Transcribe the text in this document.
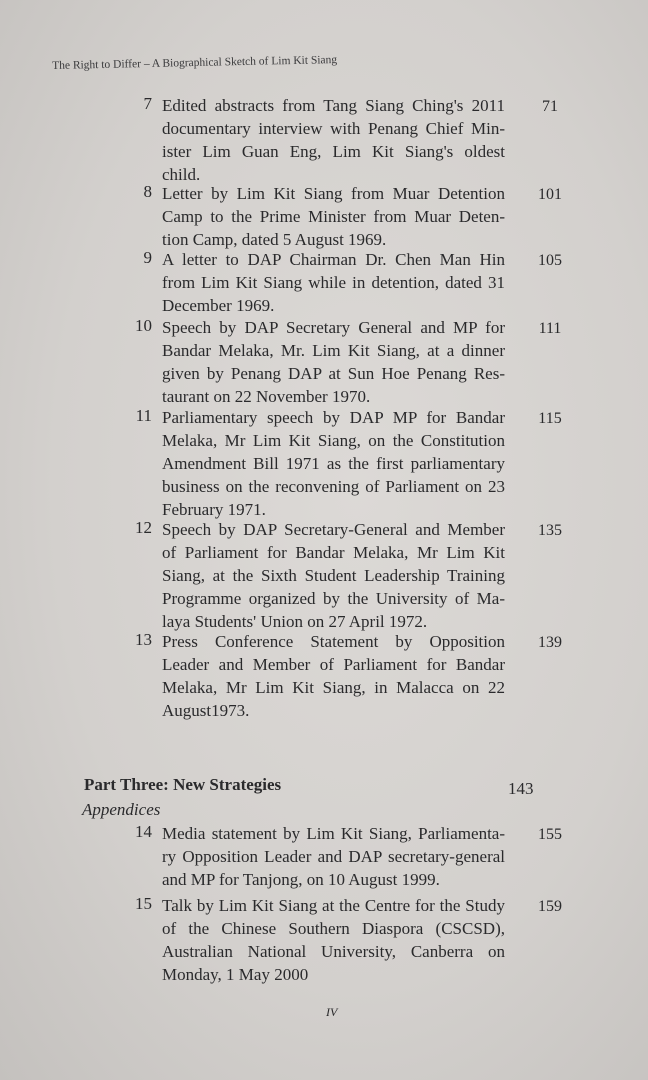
The Right to Differ – A Biographical Sketch of Lim Kit Siang
7 Edited abstracts from Tang Siang Ching's 2011
documentary interview with Penang Chief Min-
ister Lim Guan Eng, Lim Kit Siang's oldest
child.
71
8 Letter by Lim Kit Siang from Muar Detention
Camp to the Prime Minister from Muar Deten-
tion Camp, dated 5 August 1969.
101
9 A letter to DAP Chairman Dr. Chen Man Hin
from Lim Kit Siang while in detention, dated 31
December 1969.
105
10 Speech by DAP Secretary General and MP for
Bandar Melaka, Mr. Lim Kit Siang, at a dinner
given by Penang DAP at Sun Hoe Penang Res-
taurant on 22 November 1970.
111
11 Parliamentary speech by DAP MP for Bandar
Melaka, Mr Lim Kit Siang, on the Constitution
Amendment Bill 1971 as the first parliamentary
business on the reconvening of Parliament on 23
February 1971.
115
12 Speech by DAP Secretary-General and Member
of Parliament for Bandar Melaka, Mr Lim Kit
Siang, at the Sixth Student Leadership Training
Programme organized by the University of Ma-
laya Students' Union on 27 April 1972.
135
13 Press Conference Statement by Opposition
Leader and Member of Parliament for Bandar
Melaka, Mr Lim Kit Siang, in Malacca on 22
August1973.
139
14 Media statement by Lim Kit Siang, Parliamenta-
ry Opposition Leader and DAP secretary-general
and MP for Tanjong, on 10 August 1999.
155
15 Talk by Lim Kit Siang at the Centre for the Study
of the Chinese Southern Diaspora (CSCSD),
Australian National University, Canberra on
Monday, 1 May 2000
159
Part Three: New Strategies	143
Appendices
IV
